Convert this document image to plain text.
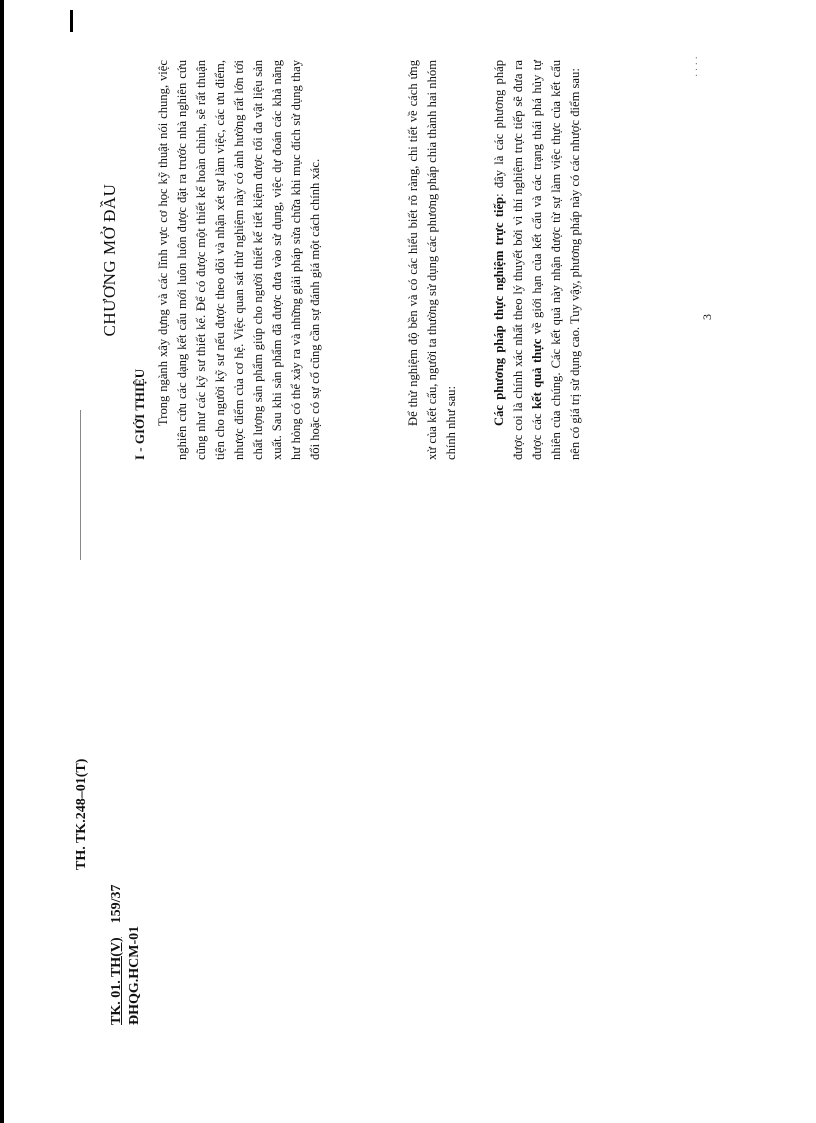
TK. 01. TH(V)159/37
ĐHQG.HCM-01
TH. TK.248–01(T)
CHƯƠNG MỞ ĐẦU
I - GIỚI THIỆU Trong ngành xây dựng và các lĩnh vực cơ học kỹ thuật nói chung, việc nghiên cứu các dạng kết cấu mới luôn luôn được đặt ra trước nhà nghiên cứu cũng như các kỹ sư thiết kế. Để có được một thiết kế hoàn chỉnh, sẽ rất thuận tiện cho người kỹ sư nếu được theo dõi và nhận xét sự làm việc, các ưu điểm, nhược điểm của cơ hệ. Việc quan sát thử nghiệm này có ảnh hưởng rất lớn tới chất lượng sản phẩm giúp cho người thiết kế tiết kiệm được tối đa vật liệu sản xuất. Sau khi sản phẩm đã được đưa vào sử dụng, việc dự đoán các khả năng hư hỏng có thể xảy ra và những giải pháp sửa chữa khi mục đích sử dụng thay đổi hoặc có sự cố cũng cần sự đánh giá một cách chính xác.	Để thử nghiệm độ bền và có các hiểu biết rõ ràng, chi tiết về cách ứng xử của kết cấu, người ta thường sử dụng các phương pháp chia thành hai nhóm chính như sau:	Các phương pháp thực nghiệm trực tiếp: đây là các phương pháp được coi là chính xác nhất theo lý thuyết bởi vì thí nghiệm trực tiếp sẽ đưa ra được các kết quả thực về giới hạn của kết cấu và các trạng thái phá hủy tự nhiên của chúng. Các kết quả này nhận được từ sự làm việc thực của kết cấu nên có giá trị sử dụng cao. Tuy vậy, phương pháp này có các nhược điểm sau:	3
· · · ·
